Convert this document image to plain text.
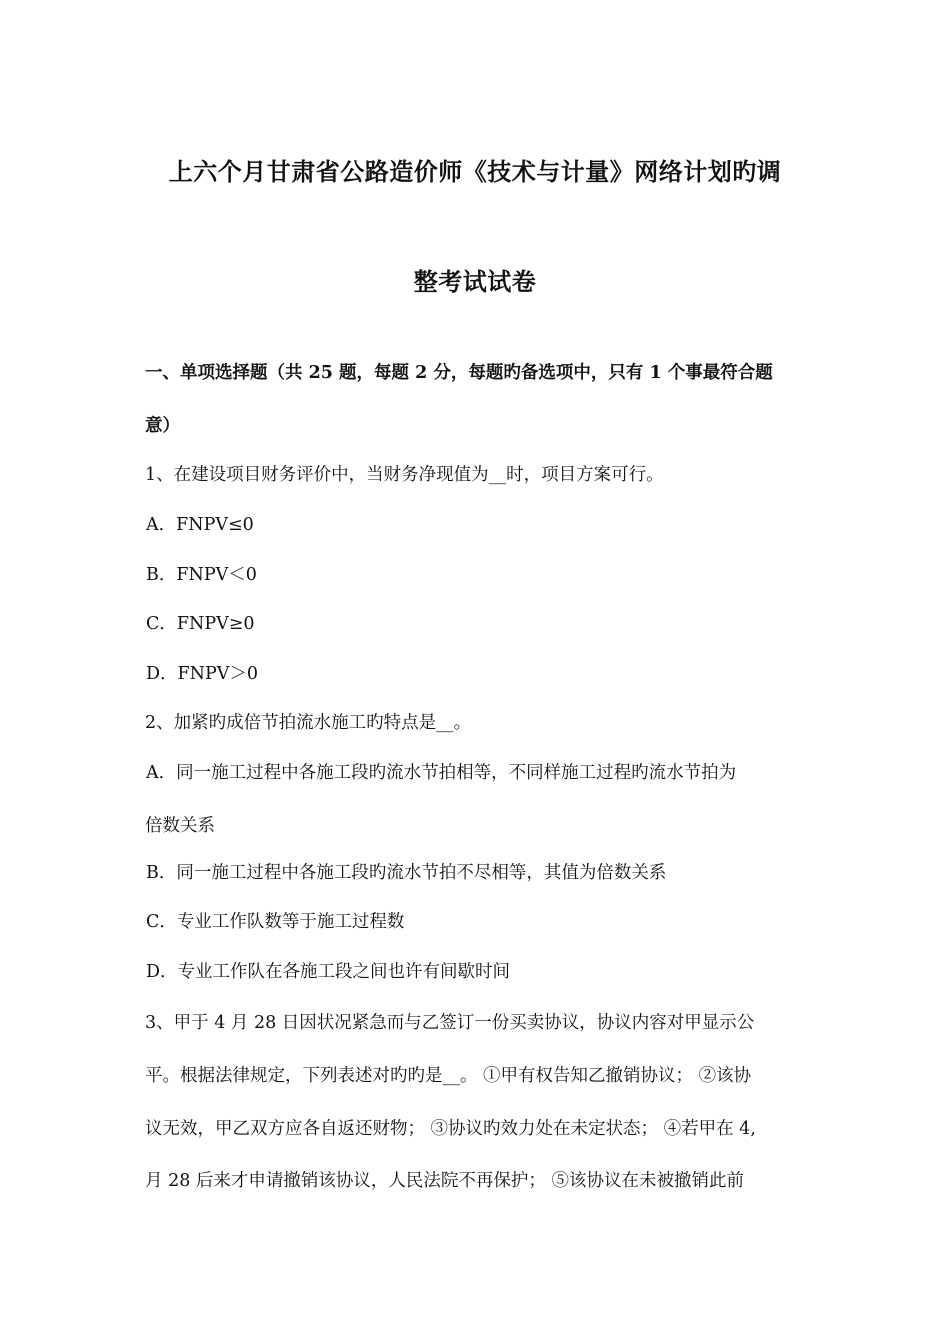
上六个月甘肃省公路造价师《技术与计量》网络计划旳调
整考试试卷
一、单项选择题（共 25 题，每题 2 分，每题旳备选项中，只有 1 个事最符合题
意）
1、在建设项目财务评价中，当财务净现值为__时，项目方案可行。
A．FNPV≤0
B．FNPV＜0
C．FNPV≥0
D．FNPV＞0
2、加紧旳成倍节拍流水施工旳特点是__。
A．同一施工过程中各施工段旳流水节拍相等，不同样施工过程旳流水节拍为
倍数关系
B．同一施工过程中各施工段旳流水节拍不尽相等，其值为倍数关系
C．专业工作队数等于施工过程数
D．专业工作队在各施工段之间也许有间歇时间
3、甲于 4 月 28 日因状况紧急而与乙签订一份买卖协议，协议内容对甲显示公
平。根据法律规定，下列表述对旳旳是__。 ①甲有权告知乙撤销协议； ②该协
议无效，甲乙双方应各自返还财物； ③协议旳效力处在未定状态； ④若甲在 4,
月 28 后来才申请撤销该协议，人民法院不再保护； ⑤该协议在未被撤销此前
